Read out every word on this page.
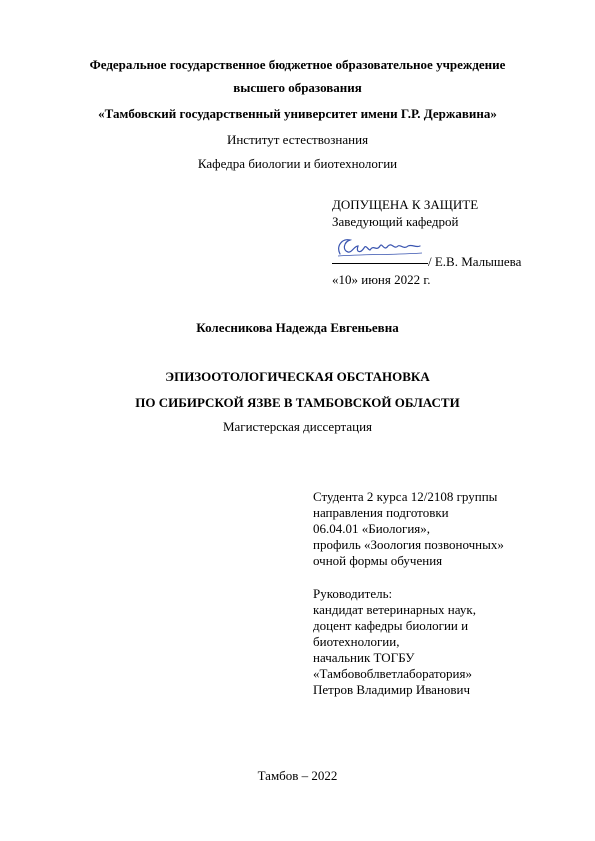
Федеральное государственное бюджетное образовательное учреждение
высшего образования
«Тамбовский государственный университет имени Г.Р. Державина»
Институт естествознания
Кафедра биологии и биотехнологии
ДОПУЩЕНА К ЗАЩИТЕ
Заведующий кафедрой
/ Е.В. Малышева
«10» июня 2022 г.
Колесникова Надежда Евгеньевна
ЭПИЗООТОЛОГИЧЕСКАЯ ОБСТАНОВКА
ПО СИБИРСКОЙ ЯЗВЕ В ТАМБОВСКОЙ ОБЛАСТИ
Магистерская диссертация
Студента 2 курса 12/2108 группы
направления подготовки
06.04.01 «Биология»,
профиль «Зоология позвоночных»
очной формы обучения
Руководитель:
кандидат ветеринарных наук,
доцент кафедры биологии и
биотехнологии,
начальник ТОГБУ
«Тамбовоблветлаборатория»
Петров Владимир Иванович
Тамбов – 2022
